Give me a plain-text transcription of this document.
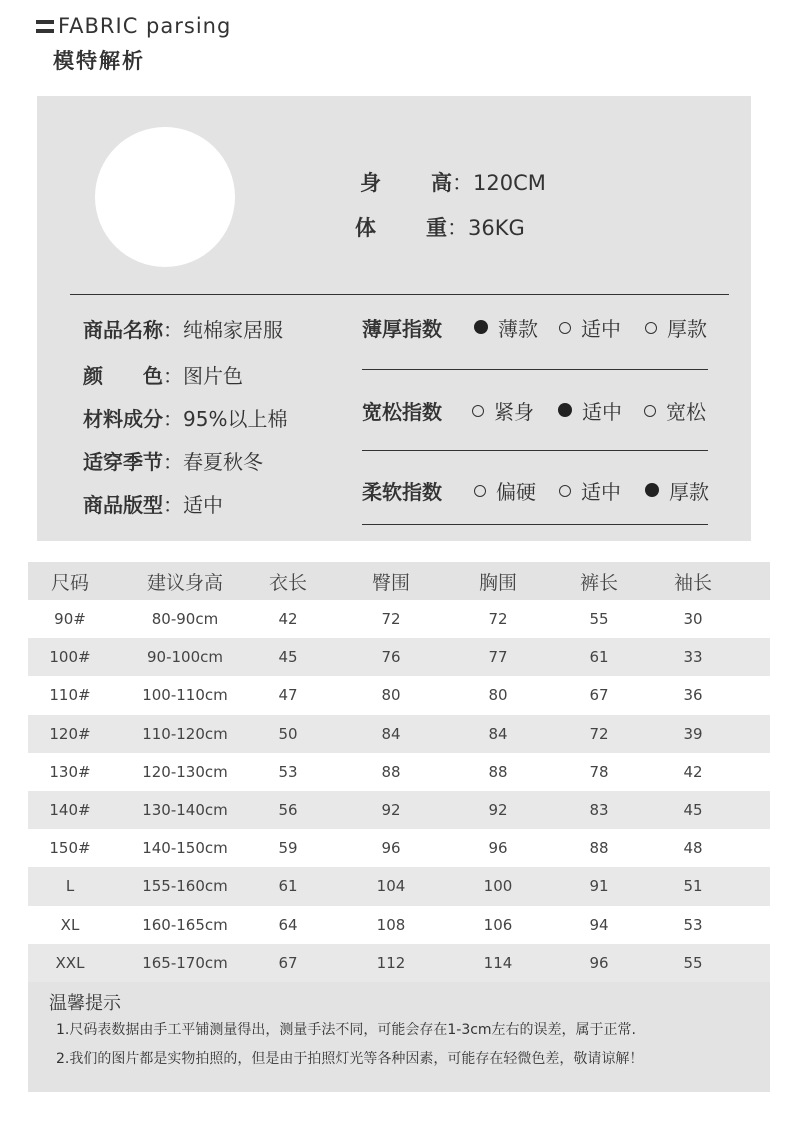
FABRIC parsing
模特解析
身 高：120CM
体 重：36KG
商品名称：纯棉家居服
颜　　色：图片色
材料成分：95%以上棉
适穿季节：春夏秋冬
商品版型：适中
薄厚指数	薄款	适中	厚款
宽松指数	紧身	适中	宽松
柔软指数	偏硬	适中	厚款
尺码	建议身高	衣长	臀围	胸围	裤长	袖长
90#	80-90cm	42	72	72	55	30
100#	90-100cm	45	76	77	61	33
110#	100-110cm	47	80	80	67	36
120#	110-120cm	50	84	84	72	39
130#	120-130cm	53	88	88	78	42
140#	130-140cm	56	92	92	83	45
150#	140-150cm	59	96	96	88	48
L	155-160cm	61	104	100	91	51
XL	160-165cm	64	108	106	94	53
XXL	165-170cm	67	112	114	96	55
温馨提示
1.尺码表数据由手工平铺测量得出，测量手法不同，可能会存在1-3cm左右的误差，属于正常.
2.我们的图片都是实物拍照的，但是由于拍照灯光等各种因素，可能存在轻微色差，敬请谅解！
